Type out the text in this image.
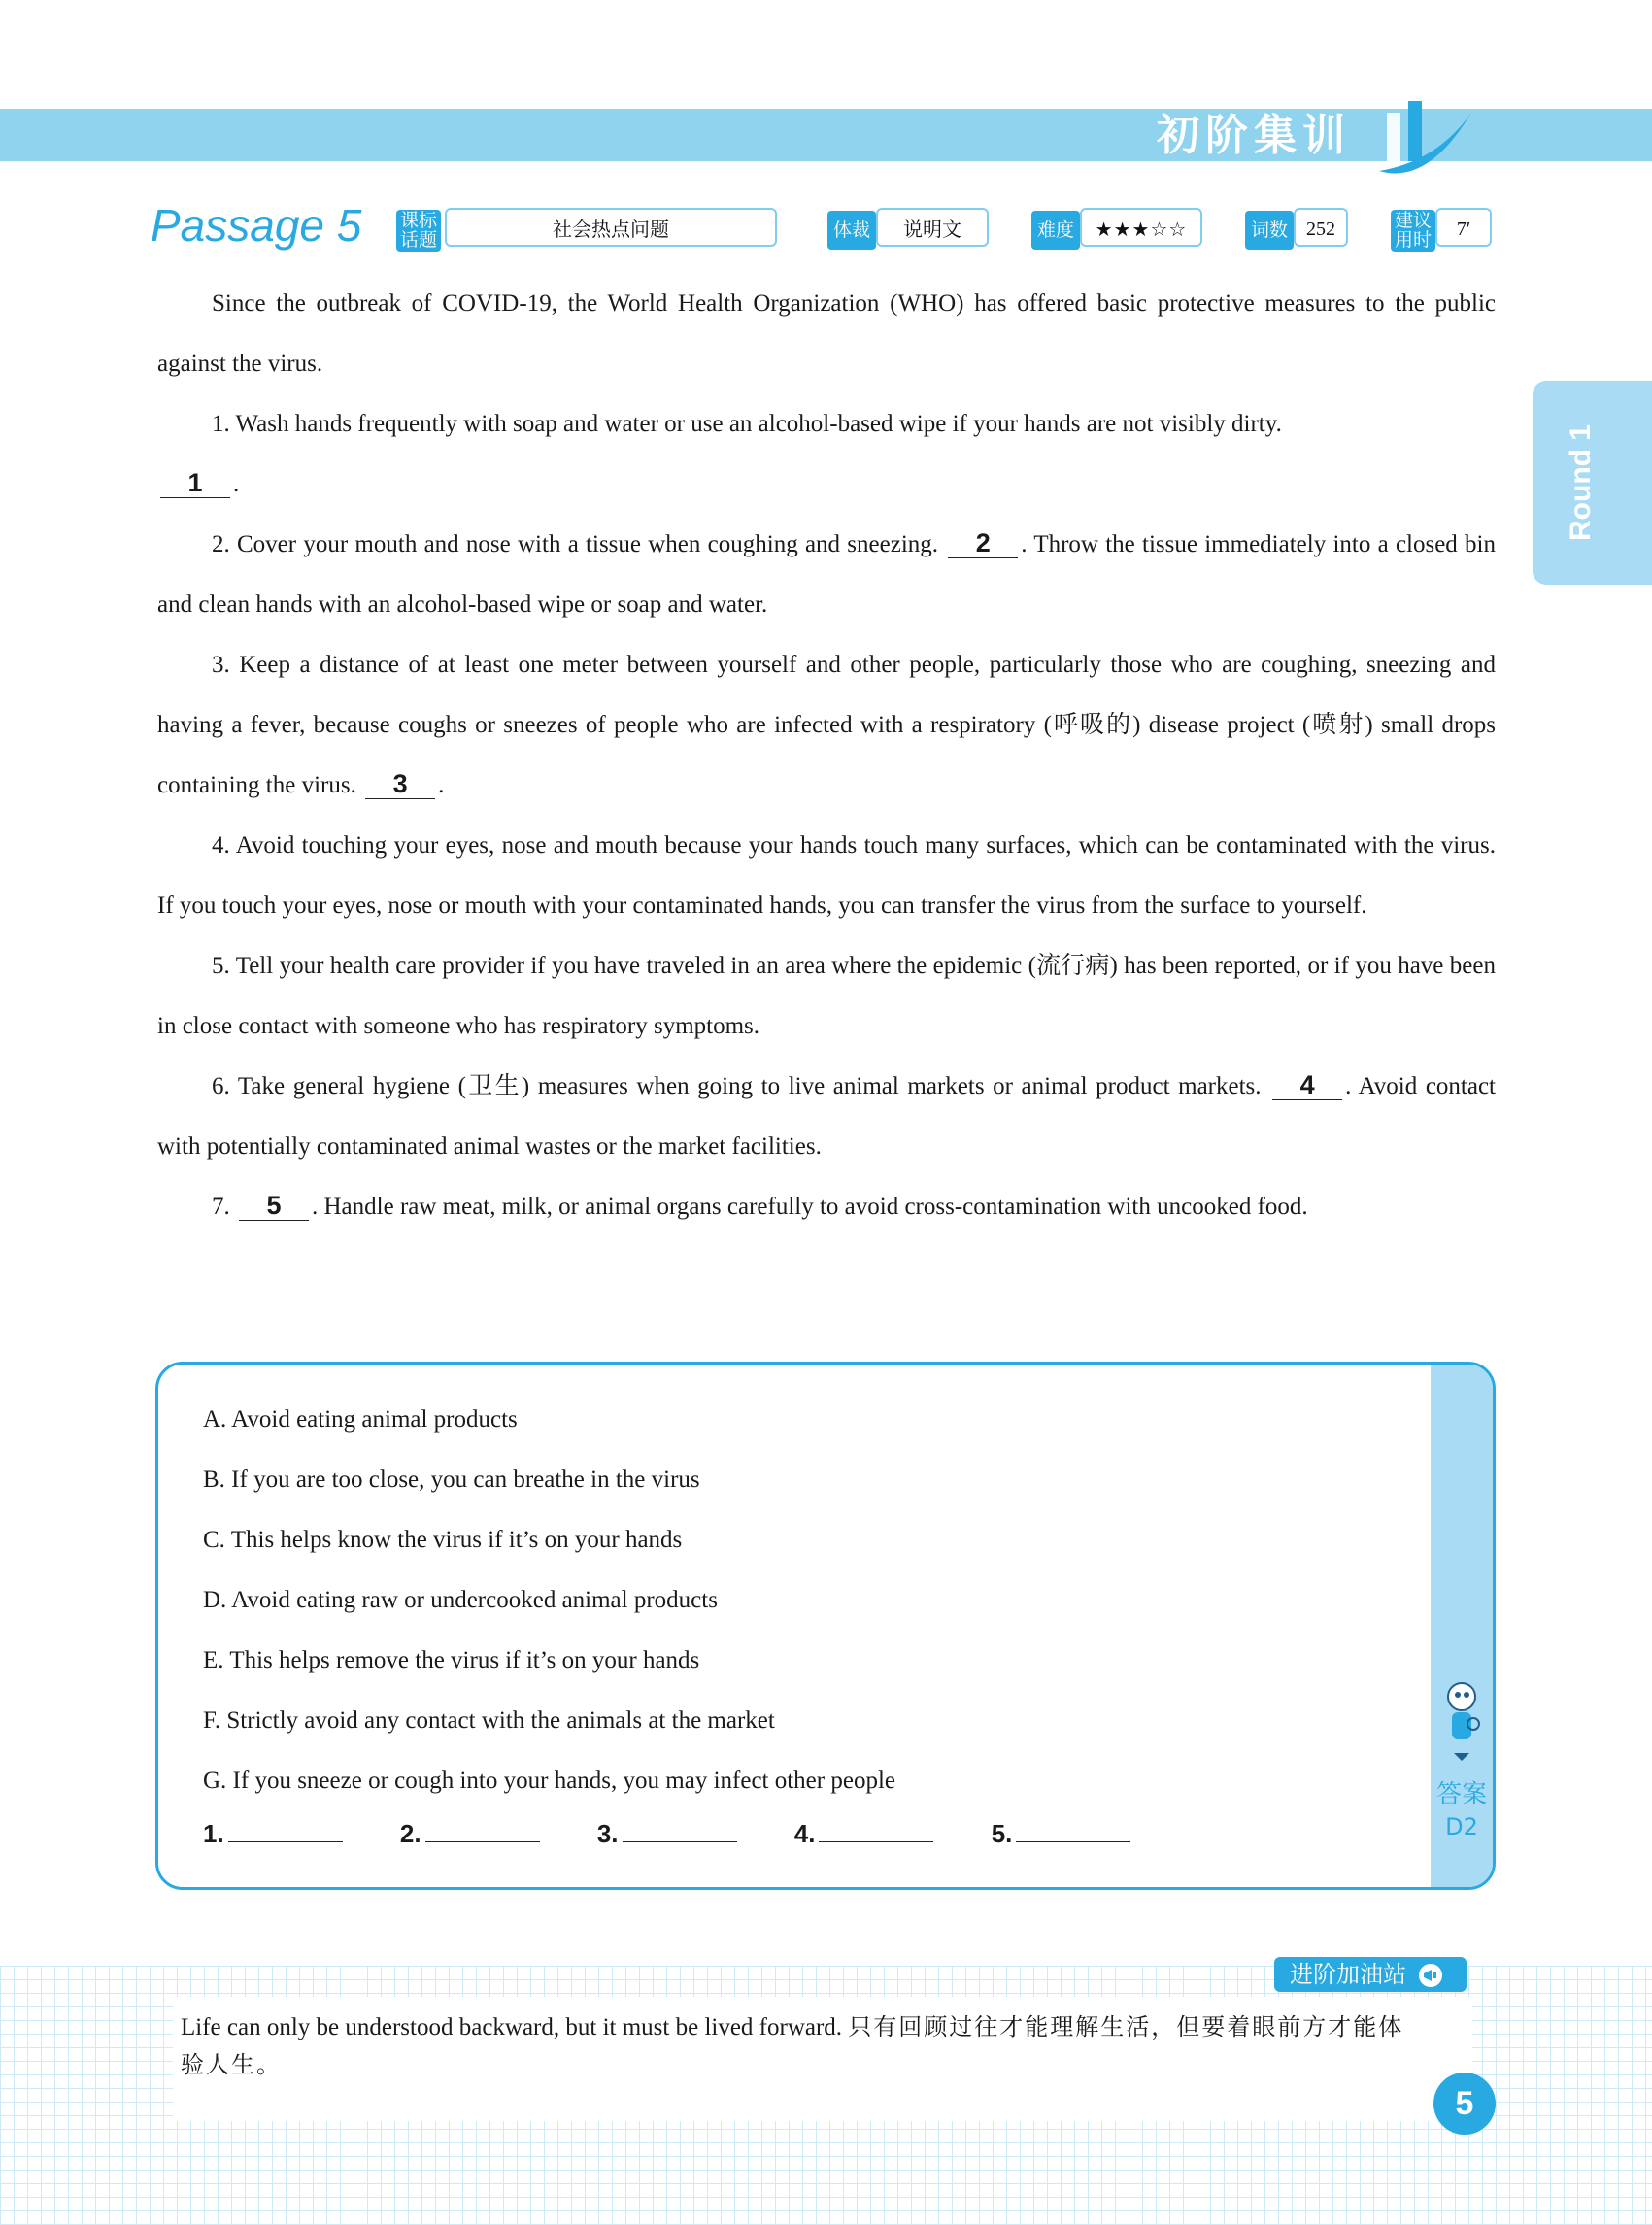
初阶集训
Passage 5 课标话题	社会热点问题	体裁	说明文	难度	★★★☆☆	词数 252	建议用时	7′
Round 1

Since the outbreak of COVID-19, the World Health Organization (WHO) has offered basic protective measures to the public against the virus.

1. Wash hands frequently with soap and water or use an alcohol-based wipe if your hands are not visibly dirty.
1 .

2. Cover your mouth and nose with a tissue when coughing and sneezing. 2 . Throw the tissue immediately into a closed bin and clean hands with an alcohol-based wipe or soap and water.

3. Keep a distance of at least one meter between yourself and other people, particularly those who are coughing, sneezing and having a fever, because coughs or sneezes of people who are infected with a respiratory (呼吸的) disease project (喷射) small drops containing the virus. 3 .

4. Avoid touching your eyes, nose and mouth because your hands touch many surfaces, which can be contaminated with the virus. If you touch your eyes, nose or mouth with your contaminated hands, you can transfer the virus from the surface to yourself.

5. Tell your health care provider if you have traveled in an area where the epidemic (流行病) has been reported, or if you have been in close contact with someone who has respiratory symptoms.

6. Take general hygiene (卫生) measures when going to live animal markets or animal product markets. 4 . Avoid contact with potentially contaminated animal wastes or the market facilities.

7. 5 . Handle raw meat, milk, or animal organs carefully to avoid cross-contamination with uncooked food.

A. Avoid eating animal products
B. If you are too close, you can breathe in the virus
C. This helps know the virus if it’s on your hands
D. Avoid eating raw or undercooked animal products
E. This helps remove the virus if it’s on your hands
F. Strictly avoid any contact with the animals at the market
G. If you sneeze or cough into your hands, you may infect other people
1.	2.	3.	4.	5.
答案
D2
进阶加油站
Life can only be understood backward, but it must be lived forward. 只有回顾过往才能理解生活，但要着眼前方才能体验人生。
5
